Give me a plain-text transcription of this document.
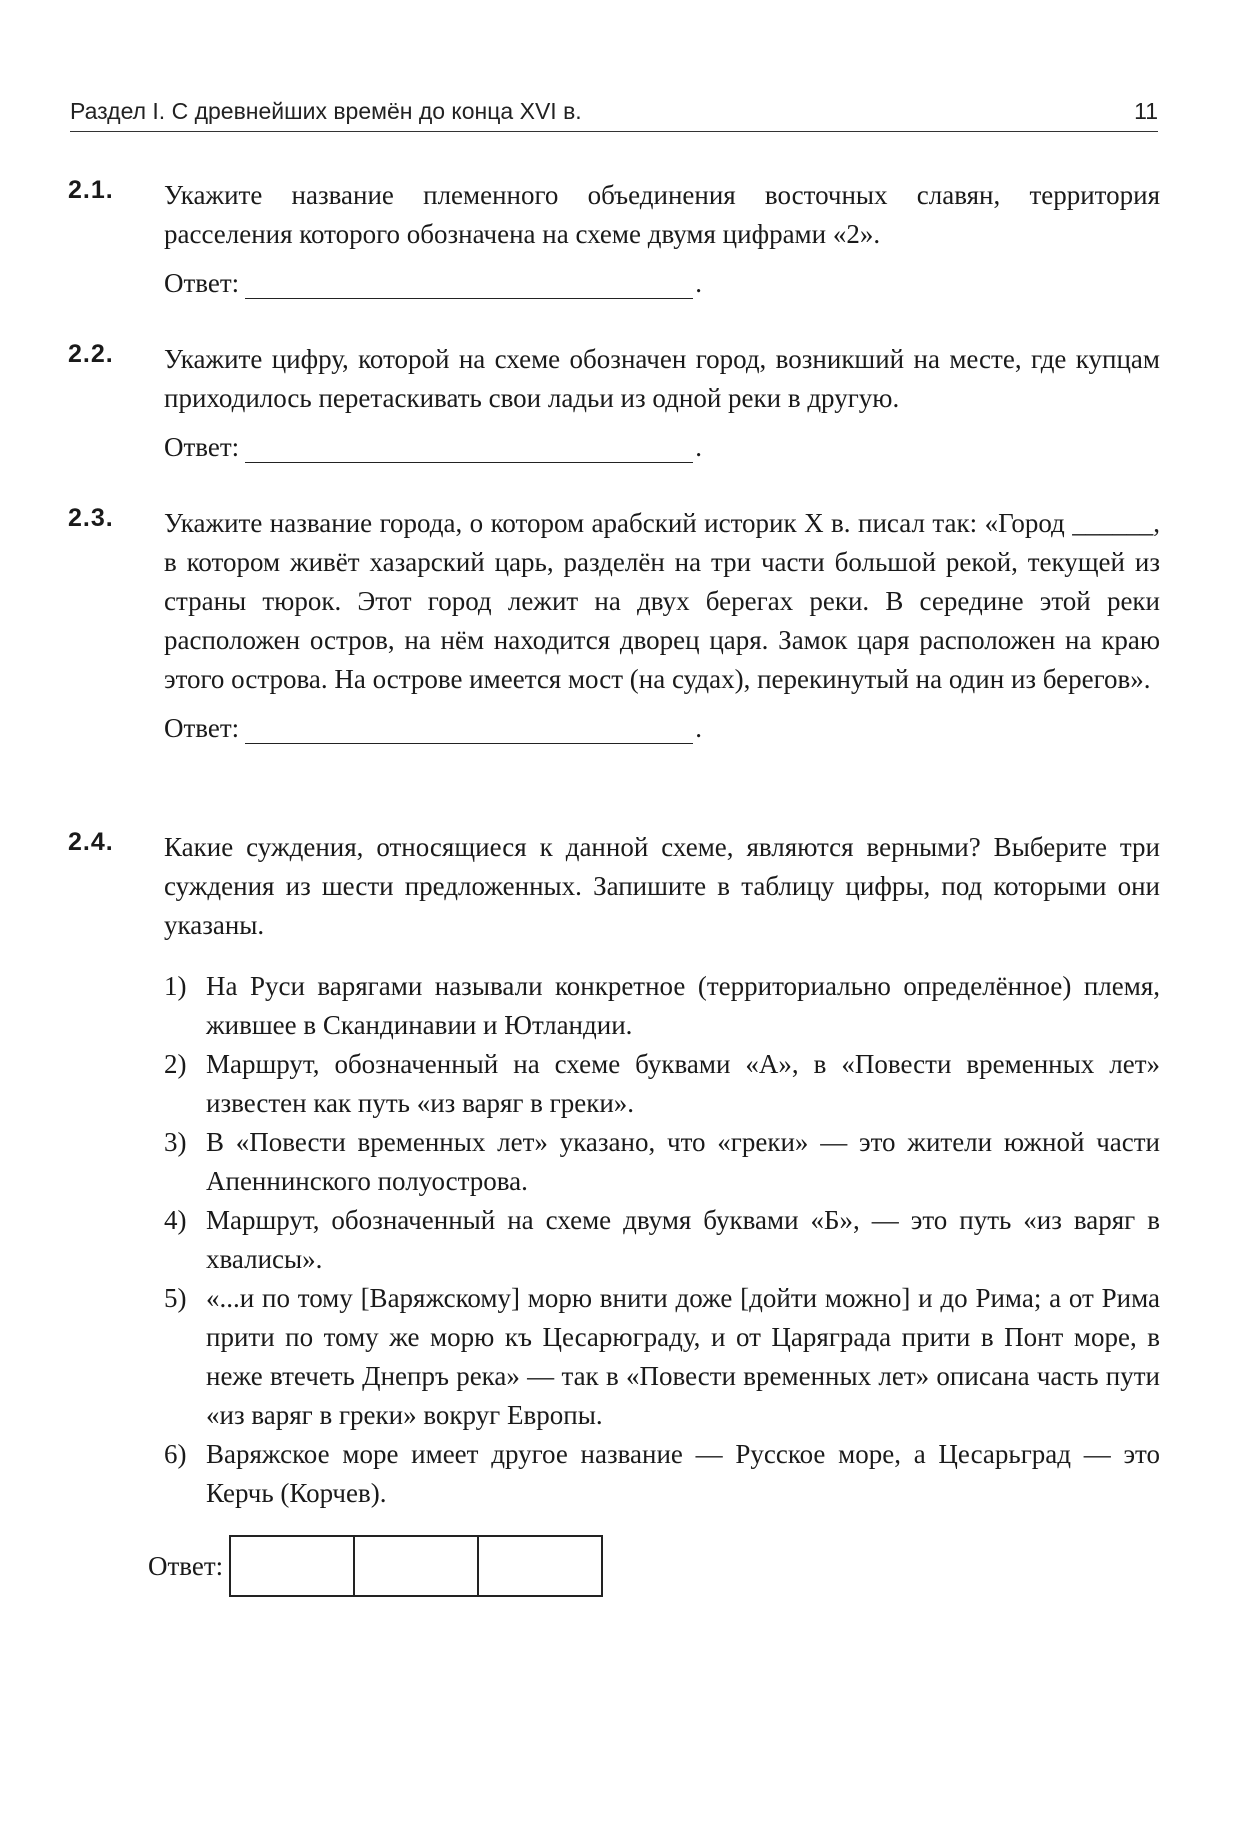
Раздел I. С древнейших времён до конца XVI в.	11
2.1. Укажите название племенного объединения восточных славян, территория расселения которого обозначена на схеме двумя цифрами «2».
Ответ:	.
2.2. Укажите цифру, которой на схеме обозначен город, возникший на месте, где купцам приходилось перетаскивать свои ладьи из одной реки в другую.
Ответ:	.
2.3. Укажите название города, о котором арабский историк X в. писал так: «Город ______, в котором живёт хазарский царь, разделён на три части большой рекой, текущей из страны тюрок. Этот город лежит на двух берегах реки. В середине этой реки расположен остров, на нём находится дворец царя. Замок царя расположен на краю этого острова. На острове имеется мост (на судах), перекинутый на один из берегов».
Ответ:	.
2.4. Какие суждения, относящиеся к данной схеме, являются верными? Выберите три суждения из шести предложенных. Запишите в таблицу цифры, под которыми они указаны.
1) На Руси варягами называли конкретное (территориально определённое) племя, жившее в Скандинавии и Ютландии.
2) Маршрут, обозначенный на схеме буквами «А», в «Повести временных лет» известен как путь «из варяг в греки».
3) В «Повести временных лет» указано, что «греки» — это жители южной части Апеннинского полуострова.
4) Маршрут, обозначенный на схеме двумя буквами «Б», — это путь «из варяг в хвалисы».
5) «...и по тому [Варяжскому] морю внити доже [дойти можно] и до Рима; а от Рима прити по тому же морю къ Цесарюграду, и от Царяграда прити в Понт море, в неже втечеть Днепръ река» — так в «Повести временных лет» описана часть пути «из варяг в греки» вокруг Европы.
6) Варяжское море имеет другое название — Русское море, а Цесарьград — это Керчь (Корчев).
Ответ:
